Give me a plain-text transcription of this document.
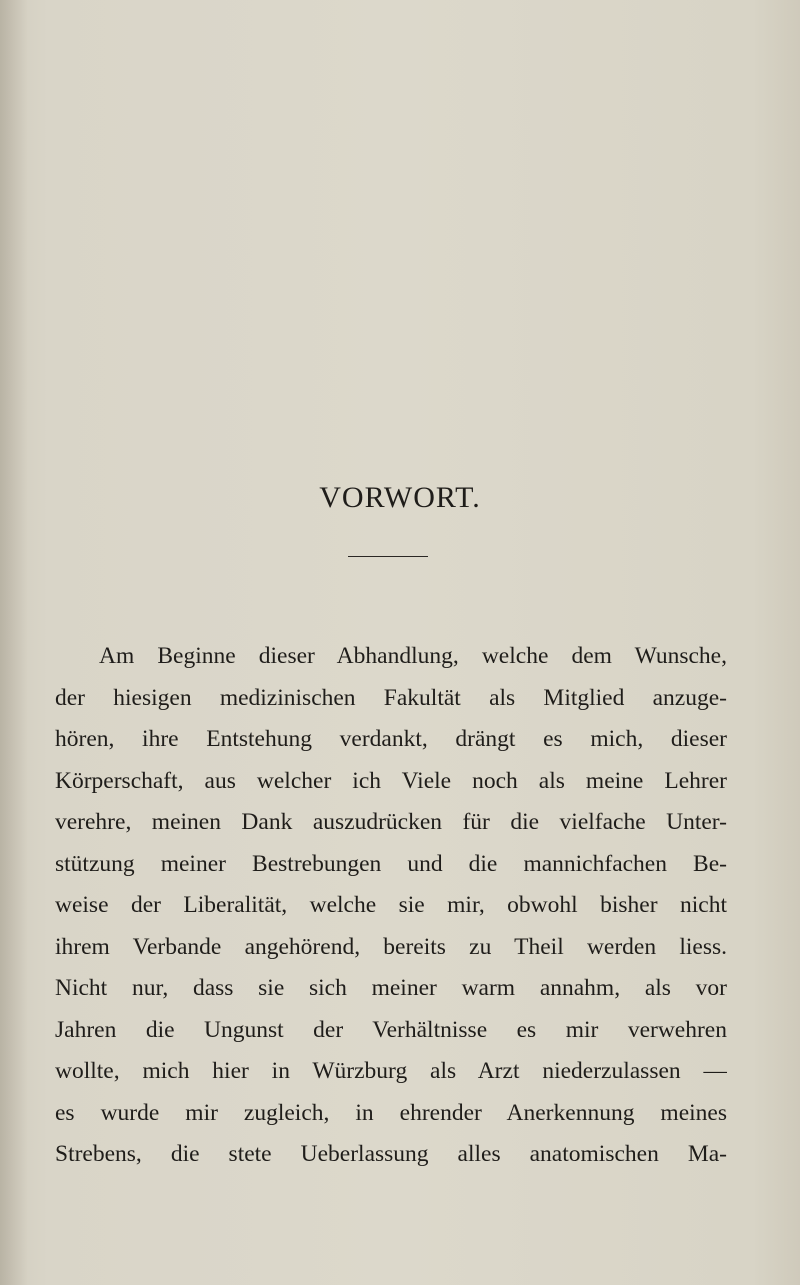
VORWORT.
Am Beginne dieser Abhandlung, welche dem Wunsche,
der hiesigen medizinischen Fakultät als Mitglied anzuge-
hören, ihre Entstehung verdankt, drängt es mich, dieser
Körperschaft, aus welcher ich Viele noch als meine Lehrer
verehre, meinen Dank auszudrücken für die vielfache Unter-
stützung meiner Bestrebungen und die mannichfachen Be-
weise der Liberalität, welche sie mir, obwohl bisher nicht
ihrem Verbande angehörend, bereits zu Theil werden liess.
Nicht nur, dass sie sich meiner warm annahm, als vor
Jahren die Ungunst der Verhältnisse es mir verwehren
wollte, mich hier in Würzburg als Arzt niederzulassen —
es wurde mir zugleich, in ehrender Anerkennung meines
Strebens, die stete Ueberlassung alles anatomischen Ma-
